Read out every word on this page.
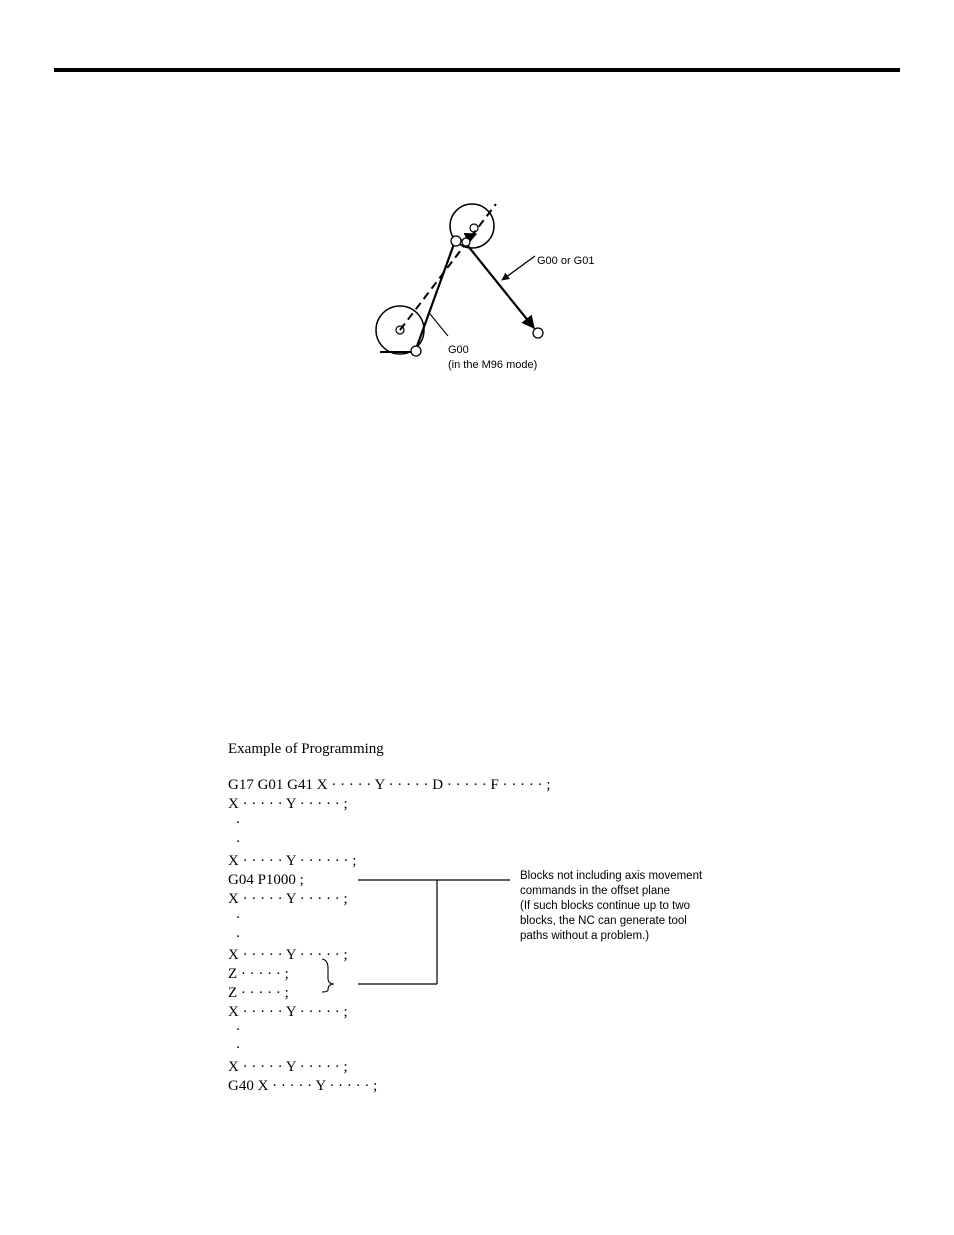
G00 or G01
G00
(in the M96 mode)
Example of Programming
G17 G01 G41 X · · · · · Y · · · · · D · · · · · F · · · · · ;
X · · · · · Y · · · · · ;
·
·
X · · · · · Y · · · · · · ;
G04 P1000 ;
X · · · · · Y · · · · · ;
·
·
X · · · · · Y · · · · · ;
Z · · · · · ;
Z · · · · · ;
X · · · · · Y · · · · · ;
·
·
X · · · · · Y · · · · · ;
G40 X · · · · · Y · · · · · ;
Blocks not including axis movement
commands in the offset plane
(If such blocks continue up to two
blocks, the NC can generate tool
paths without a problem.)
